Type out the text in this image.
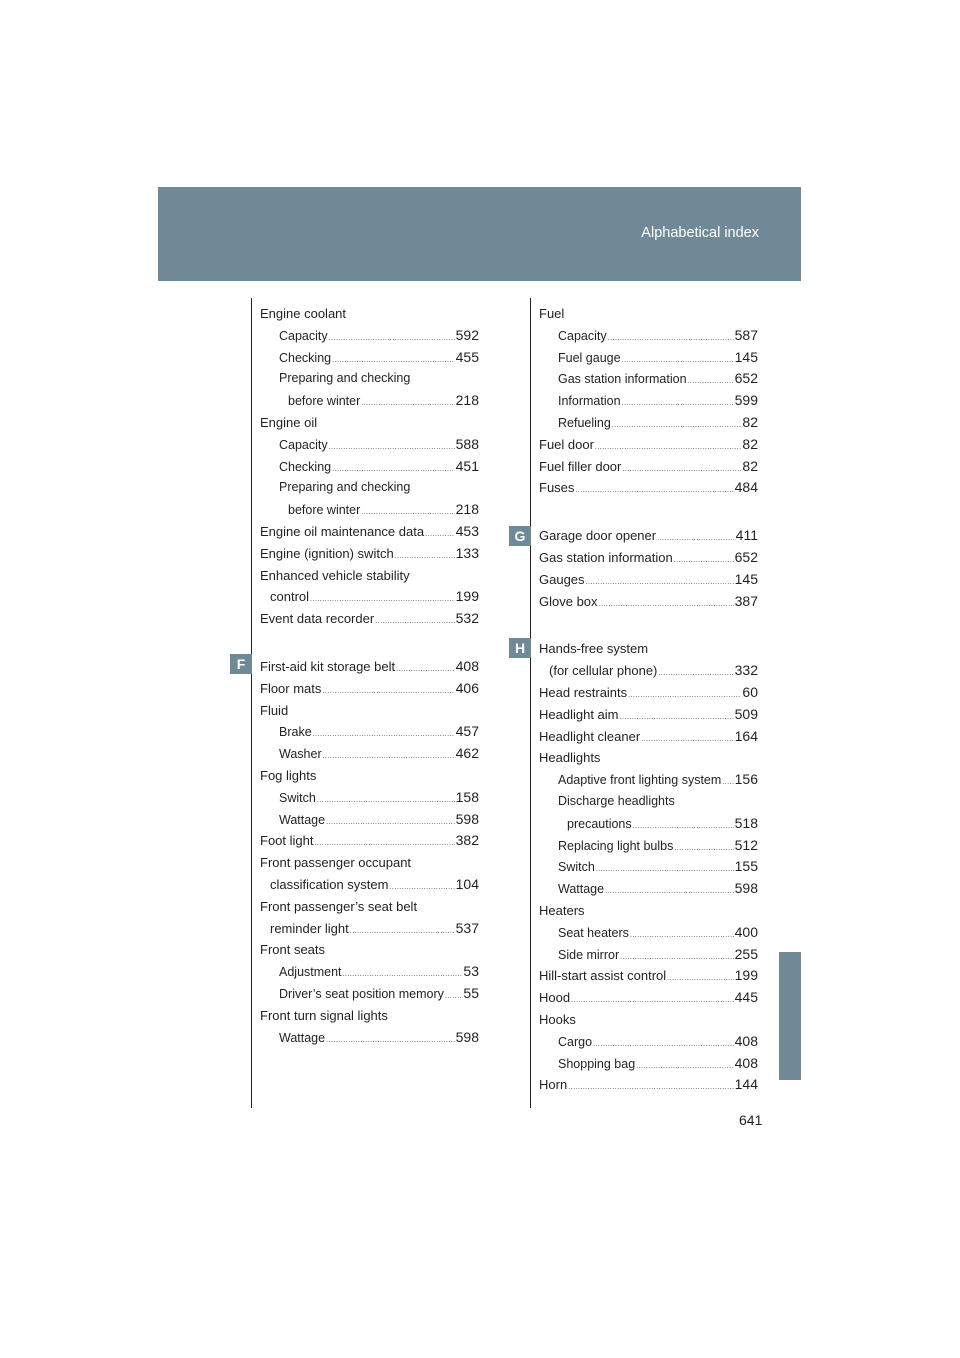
Alphabetical index
F
G
H
Engine coolant
Capacity .....	592
Checking .....	455
Preparing and checking
before winter .....	218
Engine oil
Capacity .....	588
Checking .....	451
Preparing and checking
before winter .....	218
Engine oil maintenance data ..... 453
Engine (ignition) switch .....	133
Enhanced vehicle stability
control .....	199
Event data recorder .....	532
First-aid kit storage belt .....	408
Floor mats .....	406
Fluid
Brake .....	457
Washer .....	462
Fog lights
Switch .....	158
Wattage .....	598
Foot light .....	382
Front passenger occupant
classification system .....	104
Front passenger’s seat belt
reminder light .....	537
Front seats
Adjustment .....	53
Driver’s seat position memory ..... 55
Front turn signal lights
Wattage .....	598
Fuel
Capacity .....	587
Fuel gauge .....	145
Gas station information .....	652
Information .....	599
Refueling .....	82
Fuel door .....	82
Fuel filler door .....	82
Fuses .....	484
Garage door opener .....	411
Gas station information .....	652
Gauges .....	145
Glove box .....	387
Hands-free system
(for cellular phone) .....	332
Head restraints .....	60
Headlight aim .....	509
Headlight cleaner .....	164
Headlights
Adaptive front lighting system ..... 156
Discharge headlights
precautions .....	518
Replacing light bulbs .....	512
Switch .....	155
Wattage .....	598
Heaters
Seat heaters .....	400
Side mirror .....	255
Hill-start assist control .....	199
Hood .....	445
Hooks
Cargo .....	408
Shopping bag .....	408
Horn .....	144
641
